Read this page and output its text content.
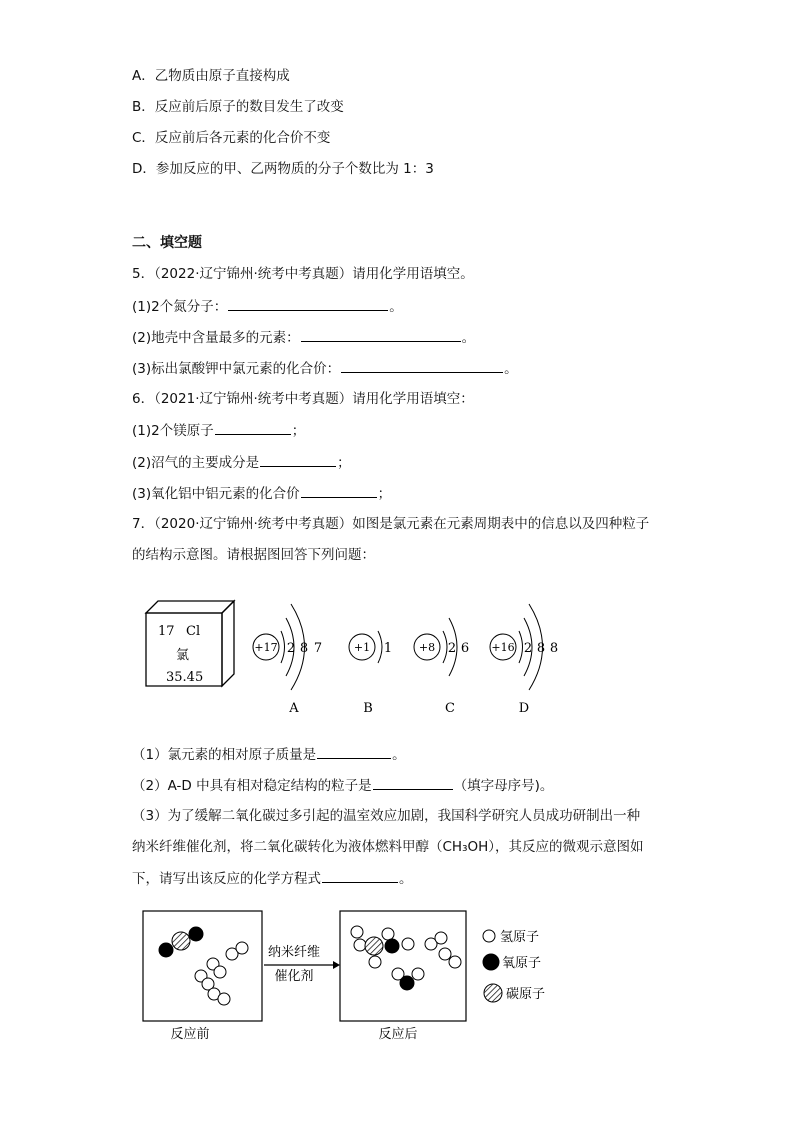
A．乙物质由原子直接构成
B．反应前后原子的数目发生了改变
C．反应前后各元素的化合价不变
D．参加反应的甲、乙两物质的分子个数比为 1：3
二、填空题
5．（2022·辽宁锦州·统考中考真题）请用化学用语填空。
(1)2个氮分子：	。
(2)地壳中含量最多的元素：	。
(3)标出氯酸钾中氯元素的化合价：	。
6．（2021·辽宁锦州·统考中考真题）请用化学用语填空：
(1)2个镁原子	；
(2)沼气的主要成分是	；
(3)氧化铝中铝元素的化合价	；
7．（2020·辽宁锦州·统考中考真题）如图是氯元素在元素周期表中的信息以及四种粒子
的结构示意图。请根据图回答下列问题：
17 Cl
氯
35.45
+17 2 8 7
A
+1 1
B
+8 2 6
C
+16 2 8 8
D
（1）氯元素的相对原子质量是	。
（2）A-D 中具有相对稳定结构的粒子是	（填字母序号)。
（3）为了缓解二氧化碳过多引起的温室效应加剧，我国科学研究人员成功研制出一种
纳米纤维催化剂，将二氧化碳转化为液体燃料甲醇（CH₃OH），其反应的微观示意图如
下，请写出该反应的化学方程式	。
反应前
纳米纤维
催化剂
反应后
氢原子
氧原子
碳原子
